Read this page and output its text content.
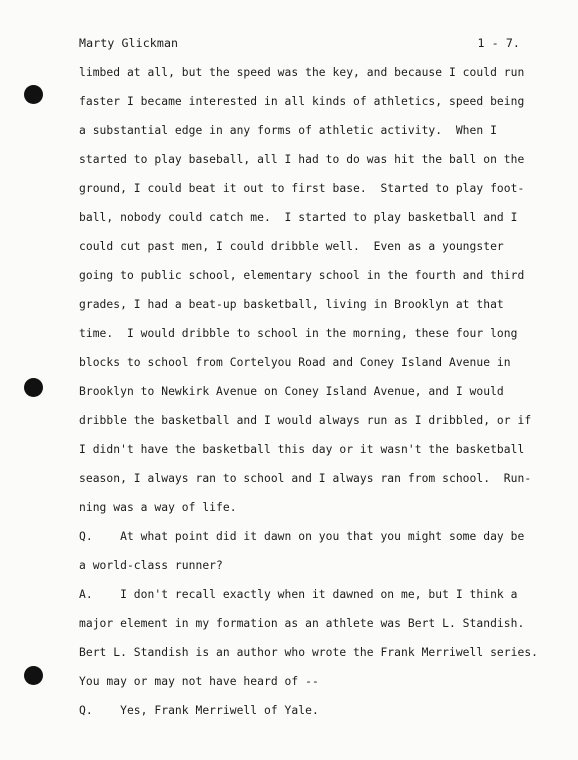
Marty Glickman	1 - 7.
limbed at all, but the speed was the key, and because I could run
faster I became interested in all kinds of athletics, speed being
a substantial edge in any forms of athletic activity.  When I
started to play baseball, all I had to do was hit the ball on the
ground, I could beat it out to first base.  Started to play foot-
ball, nobody could catch me.  I started to play basketball and I
could cut past men, I could dribble well.  Even as a youngster
going to public school, elementary school in the fourth and third
grades, I had a beat-up basketball, living in Brooklyn at that
time.  I would dribble to school in the morning, these four long
blocks to school from Cortelyou Road and Coney Island Avenue in
Brooklyn to Newkirk Avenue on Coney Island Avenue, and I would
dribble the basketball and I would always run as I dribbled, or if
I didn't have the basketball this day or it wasn't the basketball
season, I always ran to school and I always ran from school.  Run-
ning was a way of life.
Q.    At what point did it dawn on you that you might some day be
a world-class runner?
A.    I don't recall exactly when it dawned on me, but I think a
major element in my formation as an athlete was Bert L. Standish.
Bert L. Standish is an author who wrote the Frank Merriwell series.
You may or may not have heard of --
Q.    Yes, Frank Merriwell of Yale.
